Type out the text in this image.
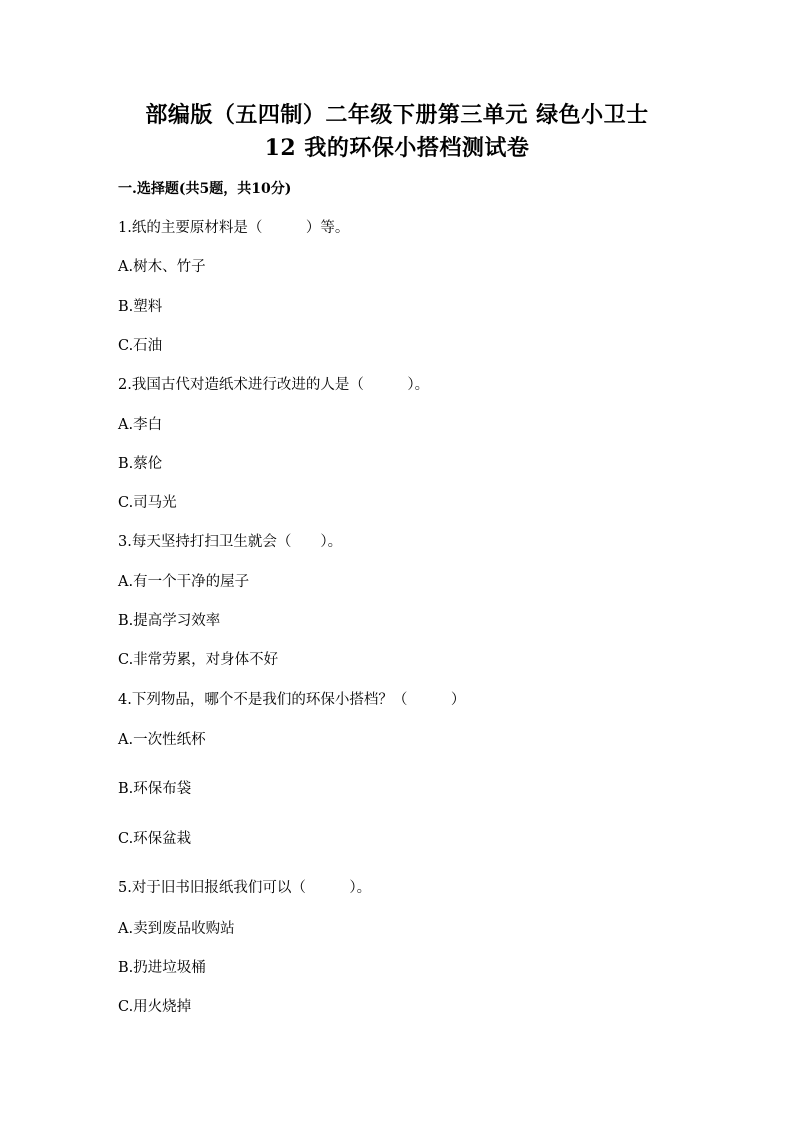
部编版（五四制）二年级下册第三单元 绿色小卫士
12 我的环保小搭档测试卷
一.选择题(共5题，共10分)
1.纸的主要原材料是（　　　）等。
A.树木、竹子
B.塑料
C.石油
2.我国古代对造纸术进行改进的人是（　　　）。
A.李白
B.蔡伦
C.司马光
3.每天坚持打扫卫生就会（　　）。
A.有一个干净的屋子
B.提高学习效率
C.非常劳累，对身体不好
4.下列物品，哪个不是我们的环保小搭档？（　　　）
A.一次性纸杯
B.环保布袋
C.环保盆栽
5.对于旧书旧报纸我们可以（　　　）。
A.卖到废品收购站
B.扔进垃圾桶
C.用火烧掉
